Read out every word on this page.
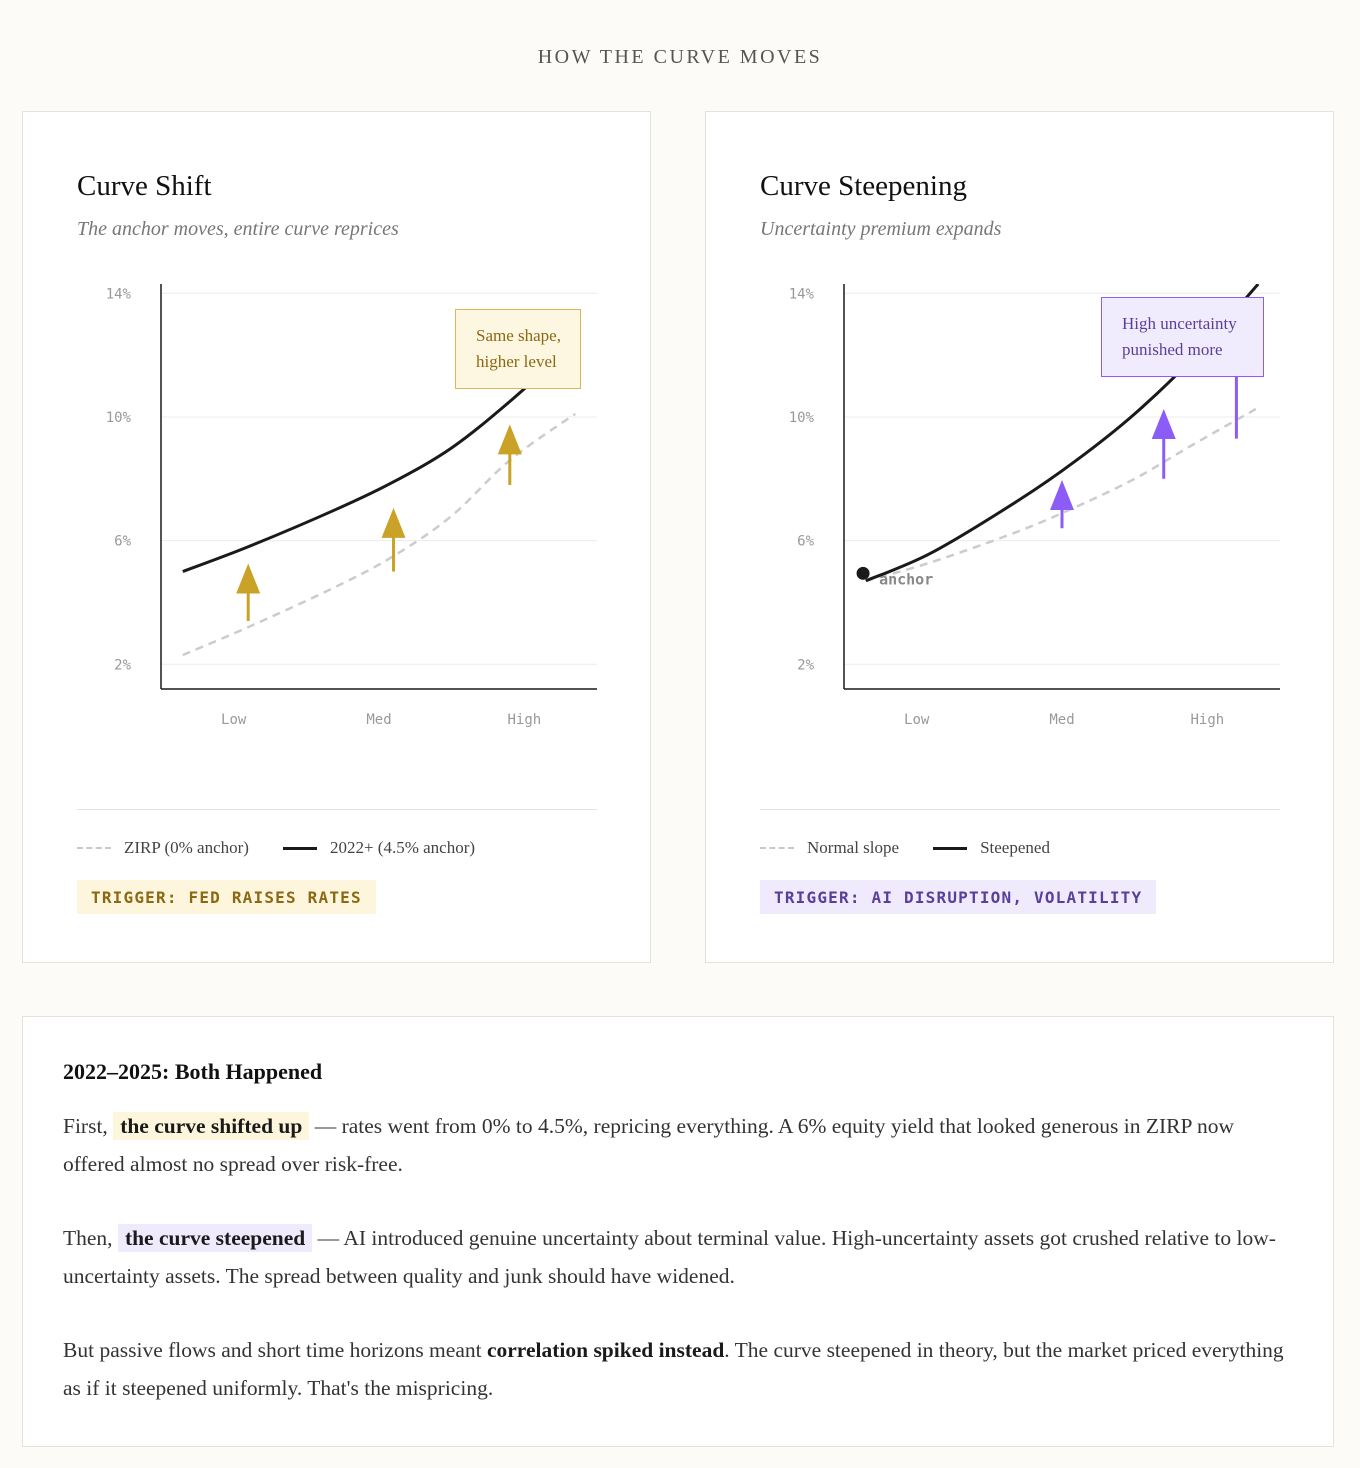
HOW THE CURVE MOVES
Curve Shift
The anchor moves, entire curve reprices
2%
6%
10%
14%
Low	Med	High
Same shape, higher level
ZIRP (0% anchor)	2022+ (4.5% anchor)
TRIGGER: FED RAISES RATES
Curve Steepening
Uncertainty premium expands
2%
6%
10%
14%
Low	Med	High
anchor
High uncertainty punished more
Normal slope	Steepened
TRIGGER: AI DISRUPTION, VOLATILITY
2022–2025: Both Happened
First, the curve shifted up — rates went from 0% to 4.5%, repricing everything. A 6% equity yield that looked generous in ZIRP now offered almost no spread over risk-free.
Then, the curve steepened — AI introduced genuine uncertainty about terminal value. High-uncertainty assets got crushed relative to low-uncertainty assets. The spread between quality and junk should have widened.
But passive flows and short time horizons meant correlation spiked instead. The curve steepened in theory, but the market priced everything as if it steepened uniformly. That's the mispricing.
